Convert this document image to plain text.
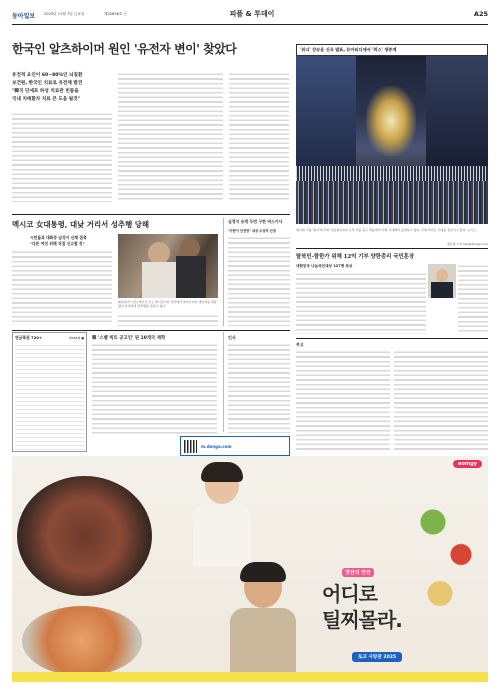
동아일보 2025년 11월 7일 금요일	제32656호 ⓐ	피플 & 투데이	A25
한국인 알츠하이머 원인 '유전자 변이' 찾았다
유전적 요인이 60~80%인 뇌질환
보건원, 한국인 치료로 유전체 발견
"韓국 단세포 하성 치료관 빈틈을
국내 치매환자 치료 큰 도움 될것"
'위너' 강승윤 신곡 발표, 뮤아티디에서 '럭스' 생중계
위너의 그룹 '위너'의 리더 강승윤이 6일 오후 서울 중구 명동에서 야외 무대에서 공연하고 있다. 무대 라이브 무대를 선보이고 있다. 뉴시스
정은혜 기자 lilly@donga.com
멕시코 女대통령, 대낮 거리서 성추행 당해
시민들과 대화중 남성이 신체 접촉
"다른 여성 위해 직접 신고할 것"
4일(현지 시간) 멕시코 수도 멕시코시티 거리에서 클라우디아 셰인바움 대통령이 남성에게 성추행을 당하고 있다.
심정지 승객 두번 구한 버스기사
"사람이 안전망" 대상 수상자 선정
탈북민-함한가 위해 12억 기부 양한총리 국민훈장
대한민국 나눔국민대상 127명 포상
연금복권 720+	제285회 ● 韓 '스벨 빅트 공고인' 된 10개국 재학
m.donga.com
인사
부고
eomgy
맛잔의 안잔
어디로
틸찌몰라.
토크 사랑관 2025
